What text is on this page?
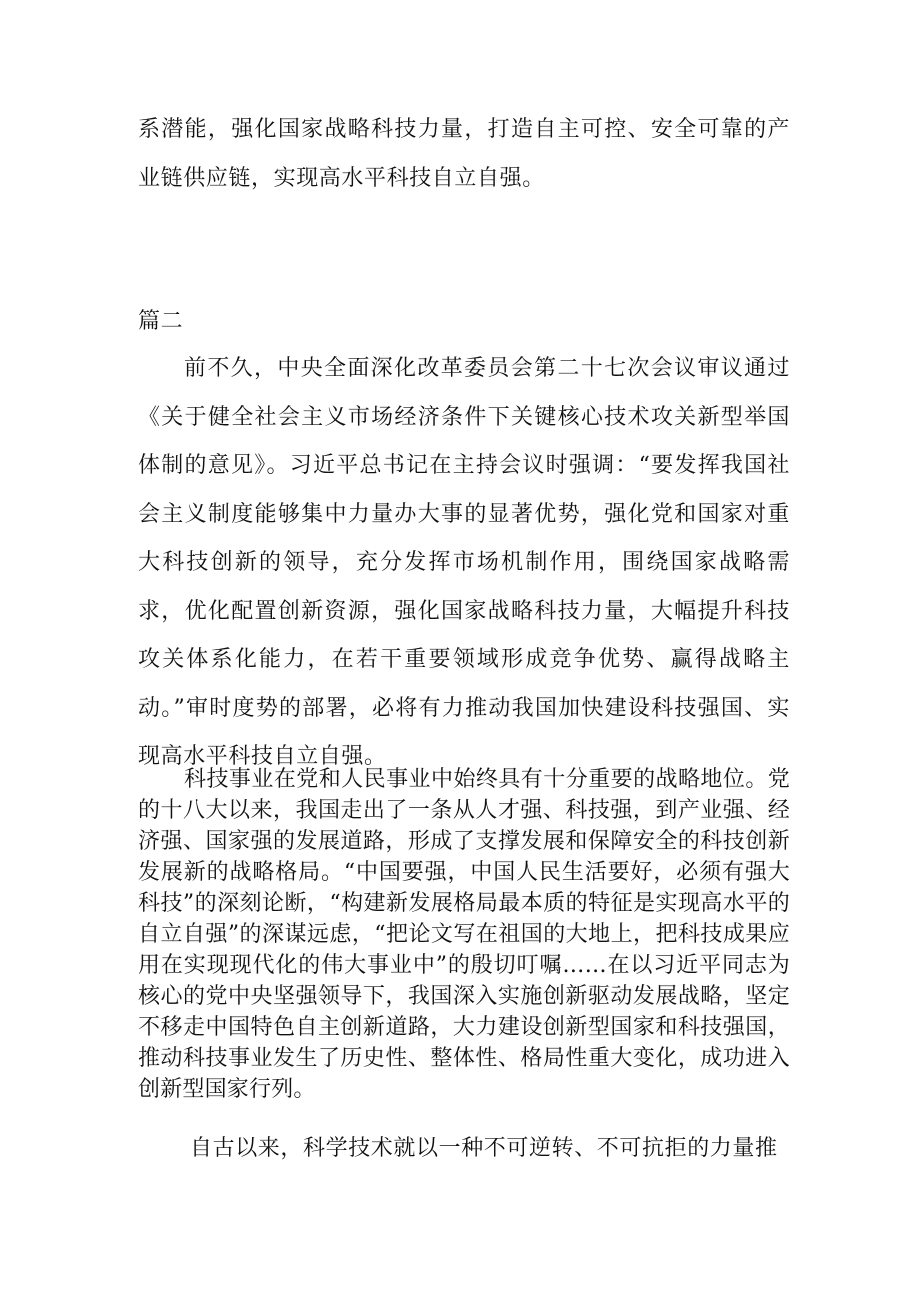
系潜能，强化国家战略科技力量，打造自主可控、安全可靠的产业链供应链，实现高水平科技自立自强。

篇二

前不久，中央全面深化改革委员会第二十七次会议审议通过《关于健全社会主义市场经济条件下关键核心技术攻关新型举国体制的意见》。习近平总书记在主持会议时强调：“要发挥我国社会主义制度能够集中力量办大事的显著优势，强化党和国家对重大科技创新的领导，充分发挥市场机制作用，围绕国家战略需求，优化配置创新资源，强化国家战略科技力量，大幅提升科技攻关体系化能力，在若干重要领域形成竞争优势、赢得战略主动。”审时度势的部署，必将有力推动我国加快建设科技强国、实现高水平科技自立自强。

科技事业在党和人民事业中始终具有十分重要的战略地位。党的十八大以来，我国走出了一条从人才强、科技强，到产业强、经济强、国家强的发展道路，形成了支撑发展和保障安全的科技创新发展新的战略格局。“中国要强，中国人民生活要好，必须有强大科技”的深刻论断，“构建新发展格局最本质的特征是实现高水平的自立自强”的深谋远虑，“把论文写在祖国的大地上，把科技成果应用在实现现代化的伟大事业中”的殷切叮嘱……在以习近平同志为核心的党中央坚强领导下，我国深入实施创新驱动发展战略，坚定不移走中国特色自主创新道路，大力建设创新型国家和科技强国，推动科技事业发生了历史性、整体性、格局性重大变化，成功进入创新型国家行列。

自古以来，科学技术就以一种不可逆转、不可抗拒的力量推
